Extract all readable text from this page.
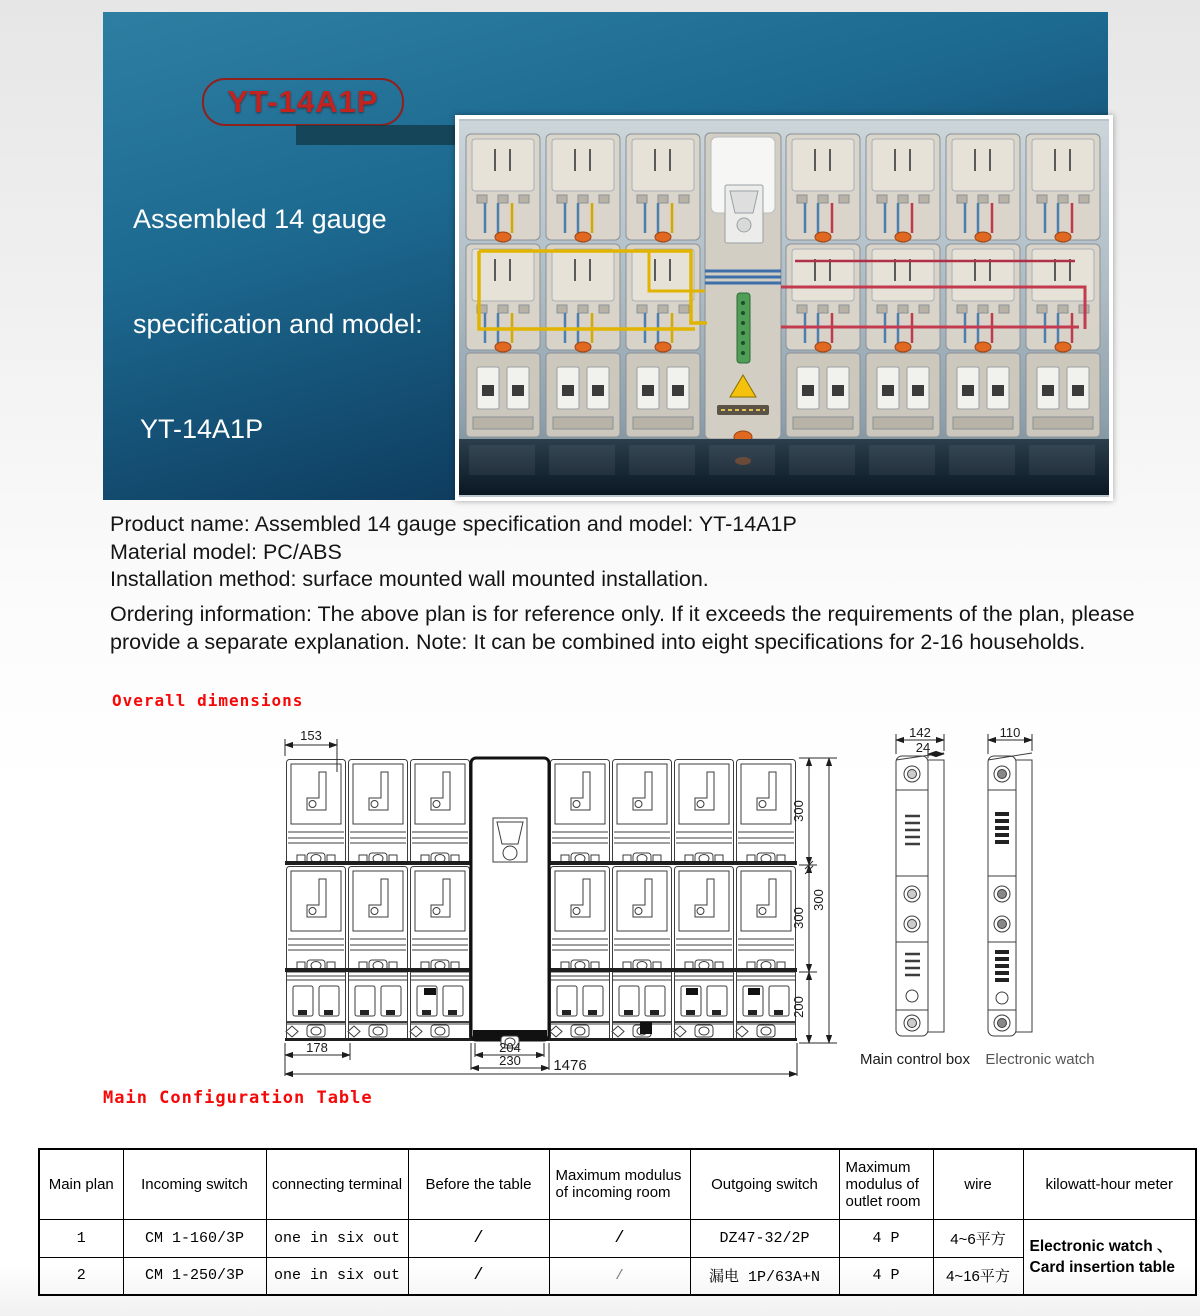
YT-14A1P

Assembled 14 gauge

specification and model:

YT-14A1P

Product name: Assembled 14 gauge specification and model: YT-14A1P
Material model: PC/ABS
Installation method: surface mounted wall mounted installation.
Ordering information: The above plan is for reference only. If it exceeds the requirements of the plan, please provide a separate explanation. Note: It can be combined into eight specifications for 2-16 households.
Overall dimensions
153
178	204
230 1476
300
300
200
300
142
24
110
Main control box Electronic watch
Main Configuration Table
Main plan	Incoming switch	connecting terminal	Before the table	Maximum modulus of incoming room	Outgoing switch	Maximum modulus of outlet room	wire	kilowatt-hour meter
1	CM 1-160/3P	one in six out	/	/	DZ47-32/2P	4 P	4~6平方	Electronic watch 、
Card insertion table

2	CM 1-250/3P	one in six out	/	/	漏电 1P/63A+N	4 P	4~16平方	
